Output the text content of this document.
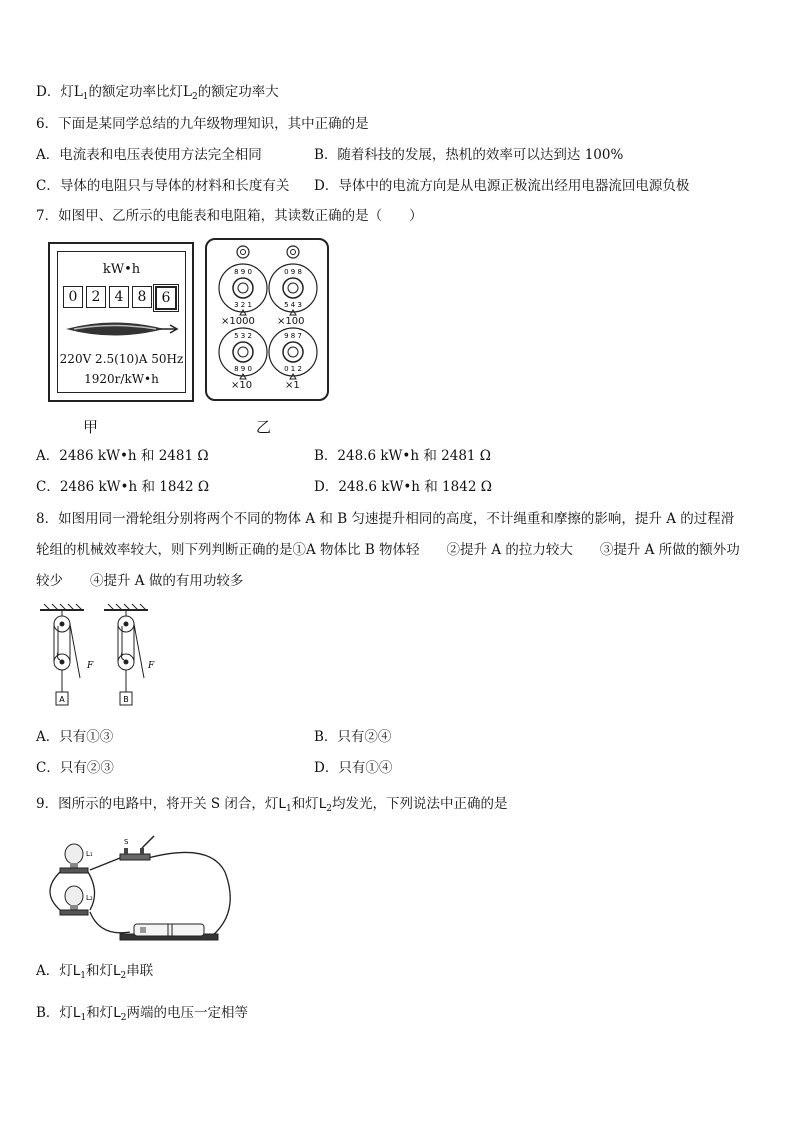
D．灯$L_1$的额定功率比灯$L_2$的额定功率大
6．下面是某同学总结的九年级物理知识，其中正确的是
A．电流表和电压表使用方法完全相同	B．随着科技的发展，热机的效率可以达到达 100%
C．导体的电阻只与导体的材料和长度有关 D．导体中的电流方向是从电源正极流出经用电器流回电源负极
7．如图甲、乙所示的电能表和电阻箱，其读数正确的是（　　）
kW•h
0	2	4	8	6
220V 2.5(10)A 50Hz
1920r/kW•h
甲
8 9 0
3 2 1
0 9 8
5 4 3
5 3 2
8 9 0
9 8 7
0 1 2
×1000 ×100
×10	×1
乙
A．2486 kW•h 和 2481 Ω	B．248.6 kW•h 和 2481 Ω
C．2486 kW•h 和 1842 Ω	D．248.6 kW•h 和 1842 Ω
8．如图用同一滑轮组分别将两个不同的物体 A 和 B 匀速提升相同的高度，不计绳重和摩擦的影响，提升 A 的过程滑
轮组的机械效率较大，则下列判断正确的是①A 物体比 B 物体轻　　②提升 A 的拉力较大　　③提升 A 所做的额外功
较少　　④提升 A 做的有用功较多
A	B
F	F
A．只有①③	B．只有②④
C．只有②③	D．只有①④
9．图所示的电路中，将开关 S 闭合，灯$L_1$和灯$L_2$均发光，下列说法中正确的是
L₁
L₂
S
A．灯$L_1$和灯$L_2$串联
B．灯$L_1$和灯$L_2$两端的电压一定相等
